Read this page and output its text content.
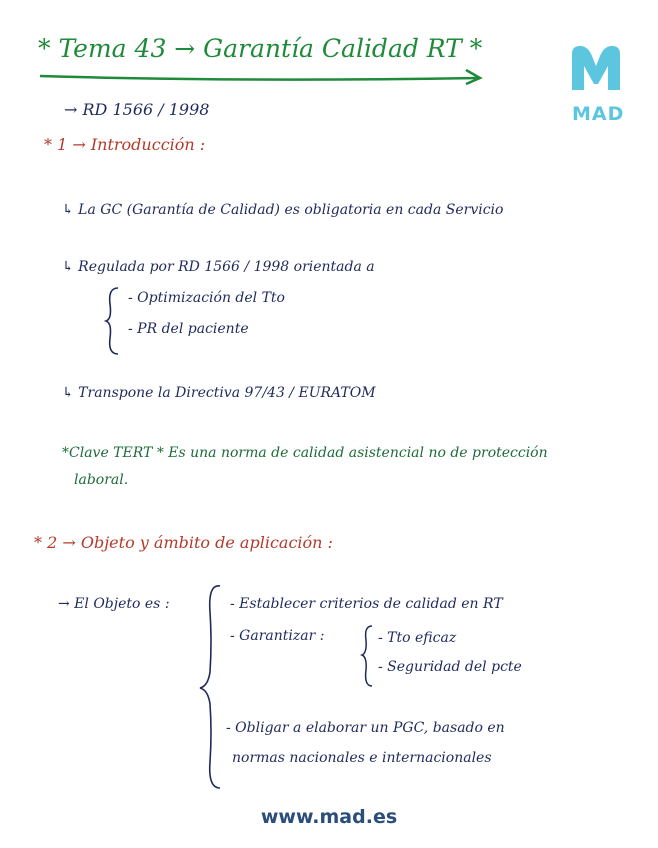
* Tema 43 → Garantía Calidad RT *
MAD
→ RD 1566 / 1998
* 1 → Introducción :
↳ La GC (Garantía de Calidad) es obligatoria en cada Servicio
↳ Regulada por RD 1566 / 1998 orientada a
- Optimización del Tto
- PR del paciente
↳ Transpone la Directiva 97/43 / EURATOM
*Clave TERT * Es una norma de calidad asistencial no de protección
laboral.
* 2 → Objeto y ámbito de aplicación :
→ El Objeto es :	- Establecer criterios de calidad en RT
- Garantizar :	- Tto eficaz
- Seguridad del pcte
- Obligar a elaborar un PGC, basado en
normas nacionales e internacionales
www.mad.es
